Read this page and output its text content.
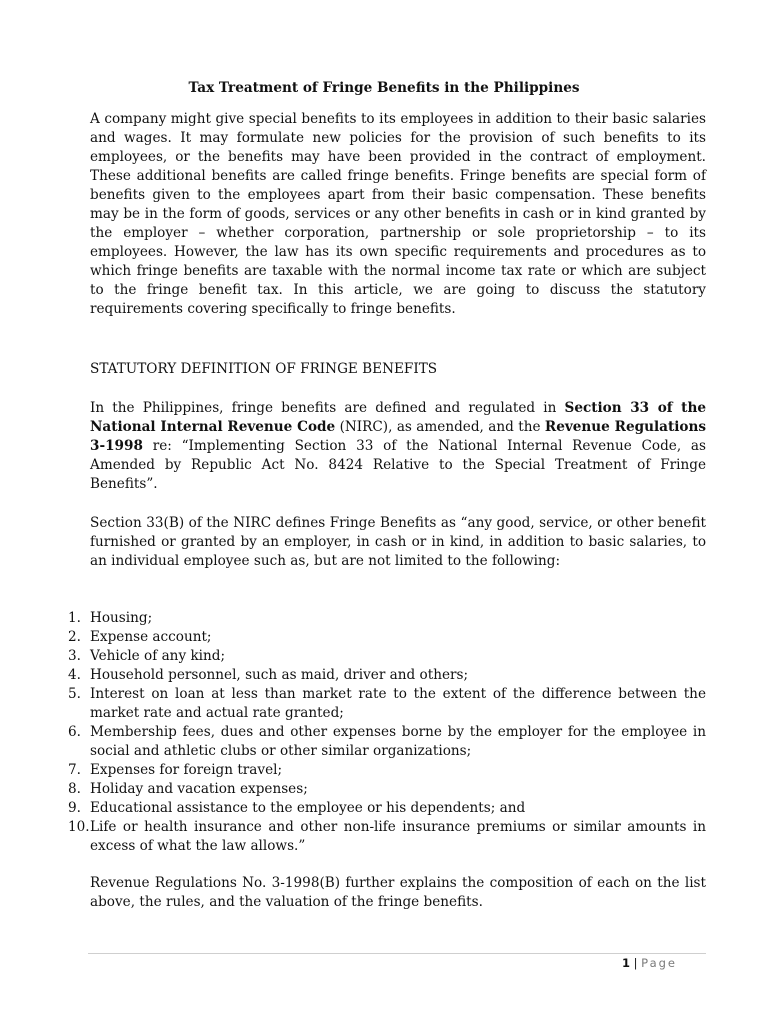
Tax Treatment of Fringe Benefits in the Philippines

A company might give special benefits to its employees in addition to their basic salaries and wages. It may formulate new policies for the provision of such benefits to its employees, or the benefits may have been provided in the contract of employment. These additional benefits are called fringe benefits. Fringe benefits are special form of benefits given to the employees apart from their basic compensation. These benefits may be in the form of goods, services or any other benefits in cash or in kind granted by the employer – whether corporation, partnership or sole proprietorship – to its employees. However, the law has its own specific requirements and procedures as to which fringe benefits are taxable with the normal income tax rate or which are subject to the fringe benefit tax. In this article, we are going to discuss the statutory requirements covering specifically to fringe benefits.

STATUTORY DEFINITION OF FRINGE BENEFITS

In the Philippines, fringe benefits are defined and regulated in Section 33 of the National Internal Revenue Code (NIRC), as amended, and the Revenue Regulations 3-1998 re: “Implementing Section 33 of the National Internal Revenue Code, as Amended by Republic Act No. 8424 Relative to the Special Treatment of Fringe Benefits”.

Section 33(B) of the NIRC defines Fringe Benefits as “any good, service, or other benefit furnished or granted by an employer, in cash or in kind, in addition to basic salaries, to an individual employee such as, but are not limited to the following:

1. Housing;
2. Expense account;
3. Vehicle of any kind;
4. Household personnel, such as maid, driver and others;
5. Interest on loan at less than market rate to the extent of the difference between the market rate and actual rate granted;
6. Membership fees, dues and other expenses borne by the employer for the employee in social and athletic clubs or other similar organizations;
7. Expenses for foreign travel;
8. Holiday and vacation expenses;
9. Educational assistance to the employee or his dependents; and
10. Life or health insurance and other non-life insurance premiums or similar amounts in excess of what the law allows.”

Revenue Regulations No. 3-1998(B) further explains the composition of each on the list above, the rules, and the valuation of the fringe benefits.

1 | Page
